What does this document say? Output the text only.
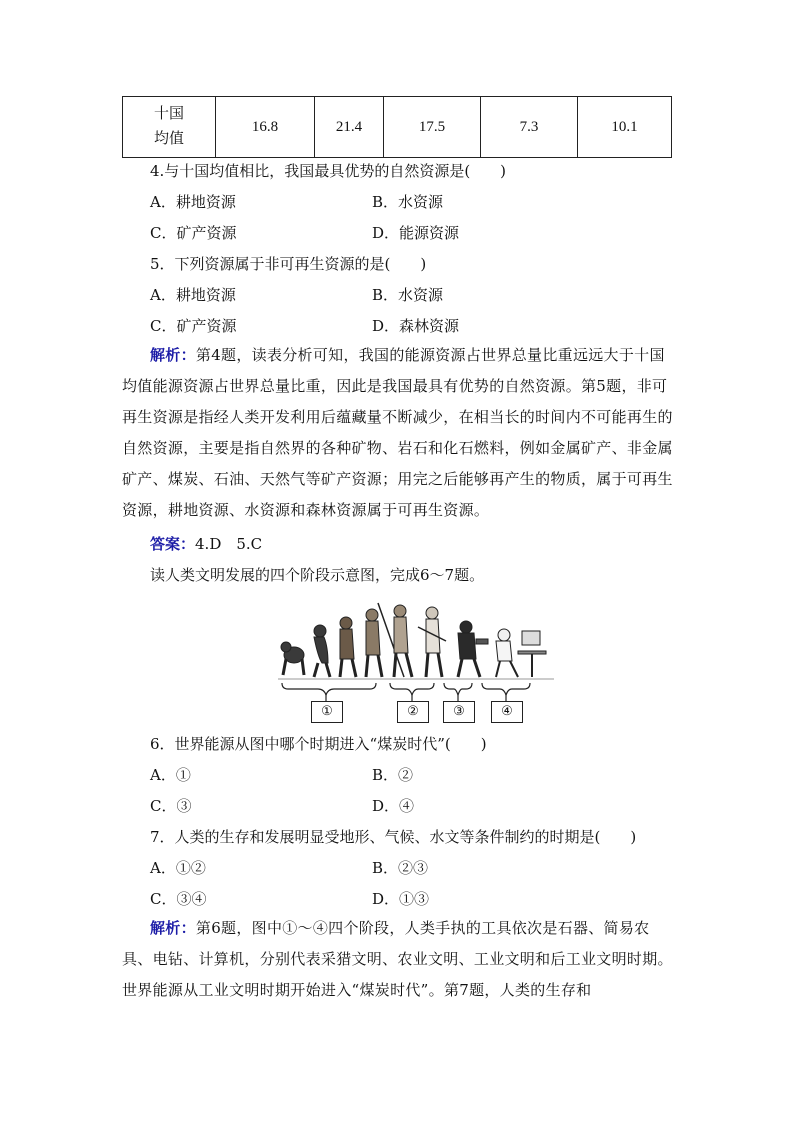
十国
均值
	16.8	21.4	17.5	7.3	10.1
4.与十国均值相比，我国最具优势的自然资源是(　　)
A．耕地资源	B．水资源
C．矿产资源	D．能源资源
5．下列资源属于非可再生资源的是(　　)
A．耕地资源	B．水资源
C．矿产资源	D．森林资源

解析：第4题，读表分析可知，我国的能源资源占世界总量比重远远大于十国均值能源资源占世界总量比重，因此是我国最具有优势的自然资源。第5题，非可再生资源是指经人类开发利用后蕴藏量不断减少，在相当长的时间内不可能再生的自然资源，主要是指自然界的各种矿物、岩石和化石燃料，例如金属矿产、非金属矿产、煤炭、石油、天然气等矿产资源；用完之后能够再产生的物质，属于可再生资源，耕地资源、水资源和森林资源属于可再生资源。

答案：4.D　5.C
读人类文明发展的四个阶段示意图，完成6～7题。
①	②	③	④
6．世界能源从图中哪个时期进入“煤炭时代”(　　)
A．①	B．②
C．③	D．④
7．人类的生存和发展明显受地形、气候、水文等条件制约的时期是(　　)
A．①②	B．②③
C．③④	D．①③

解析：第6题，图中①～④四个阶段，人类手执的工具依次是石器、简易农具、电钻、计算机，分别代表采猎文明、农业文明、工业文明和后工业文明时期。世界能源从工业文明时期开始进入“煤炭时代”。第7题，人类的生存和
